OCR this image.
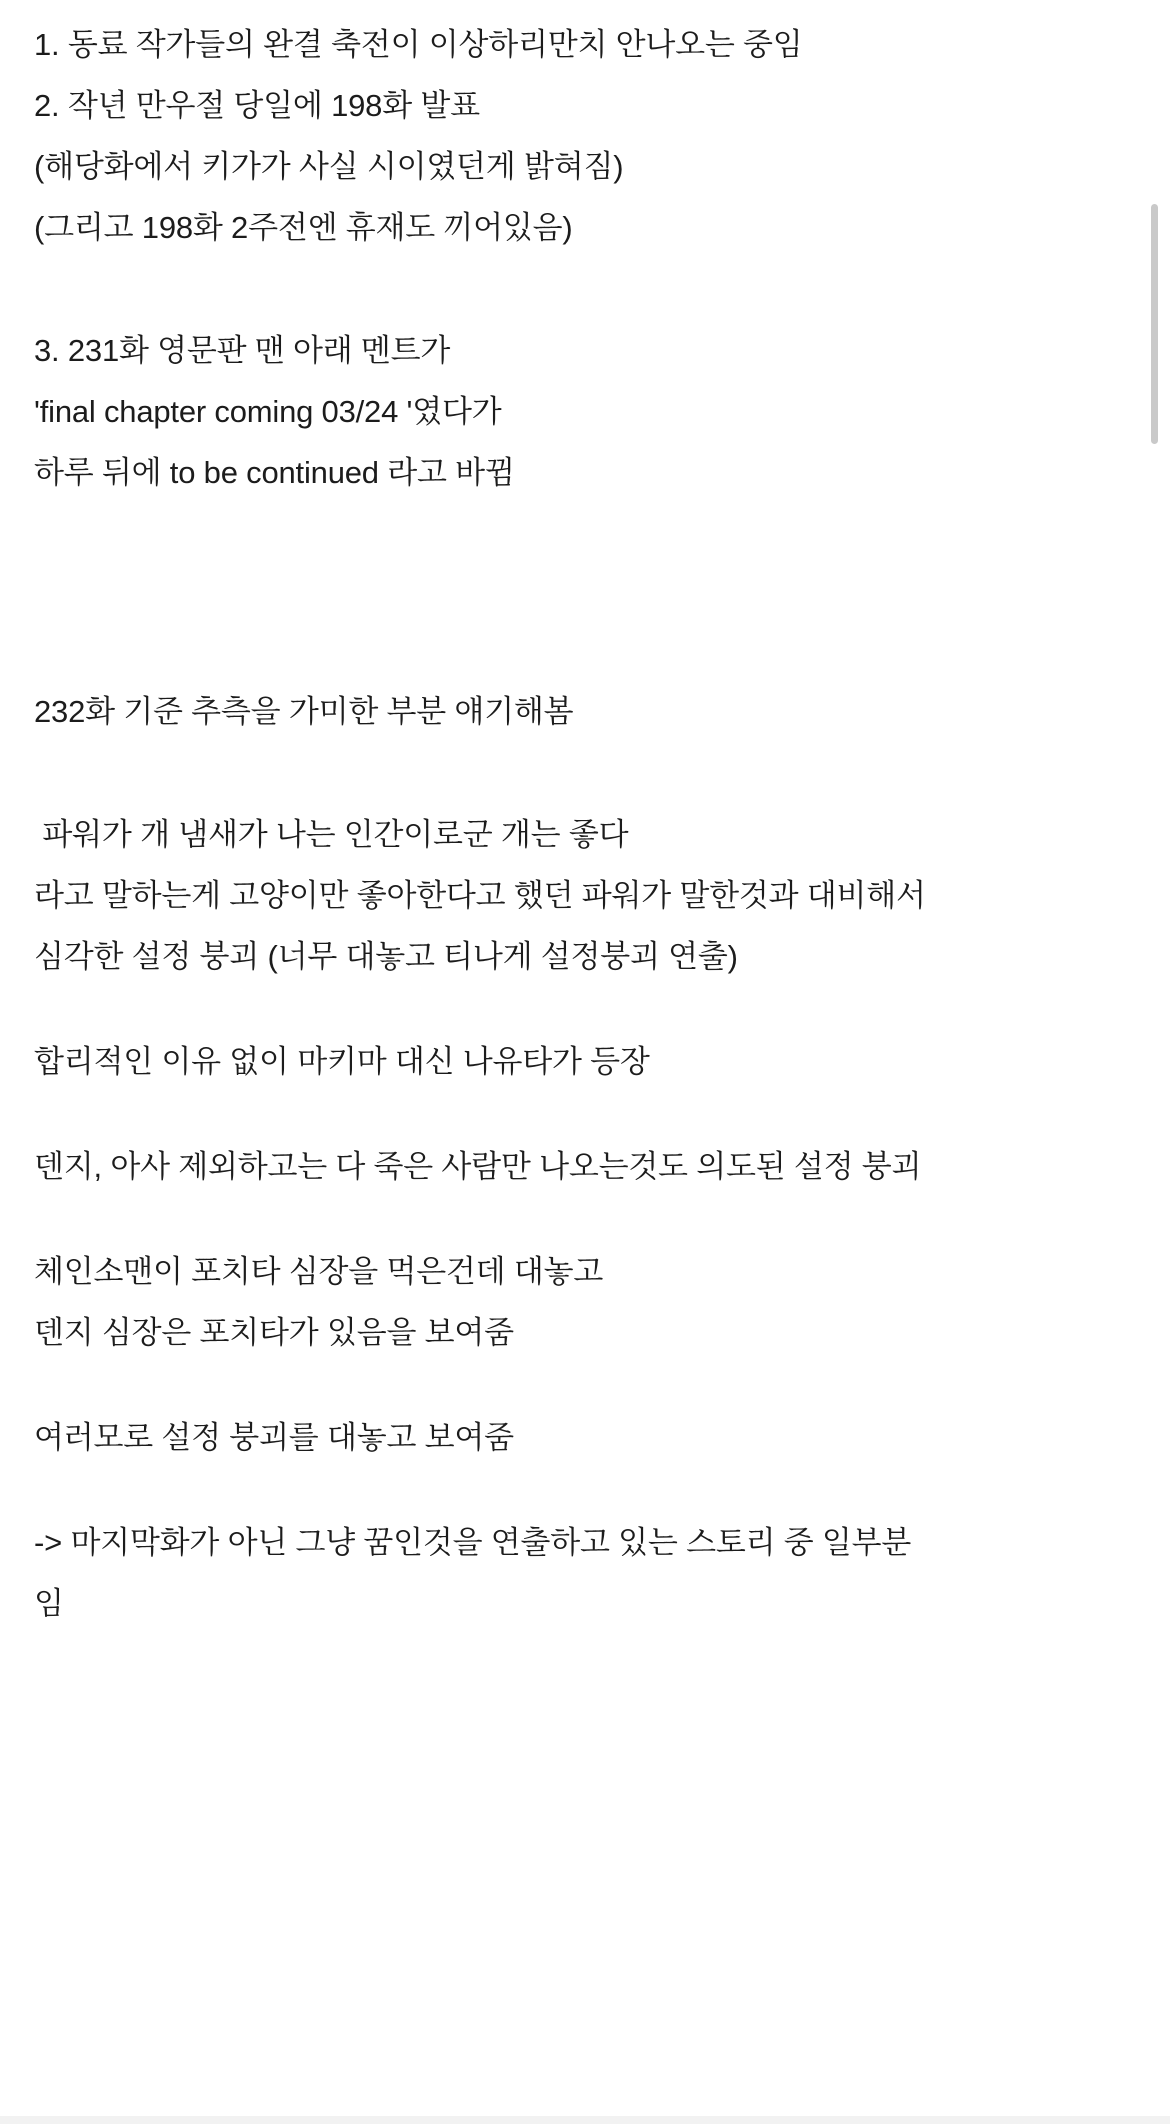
1. 동료 작가들의 완결 축전이 이상하리만치 안나오는 중임
2. 작년 만우절 당일에 198화 발표
(해당화에서 키가가 사실 시이였던게 밝혀짐)
(그리고 198화 2주전엔 휴재도 끼어있음)
3. 231화 영문판 맨 아래 멘트가
'final chapter coming 03/24 '였다가
하루 뒤에 to be continued 라고 바뀜
232화 기준 추측을 가미한 부분 얘기해봄
파워가 개 냄새가 나는 인간이로군 개는 좋다
라고 말하는게 고양이만 좋아한다고 했던 파워가 말한것과 대비해서
심각한 설정 붕괴 (너무 대놓고 티나게 설정붕괴 연출)
합리적인 이유 없이 마키마 대신 나유타가 등장
덴지, 아사 제외하고는 다 죽은 사람만 나오는것도 의도된 설정 붕괴
체인소맨이 포치타 심장을 먹은건데 대놓고
덴지 심장은 포치타가 있음을 보여줌
여러모로 설정 붕괴를 대놓고 보여줌
-> 마지막화가 아닌 그냥 꿈인것을 연출하고 있는 스토리 중 일부분
임
